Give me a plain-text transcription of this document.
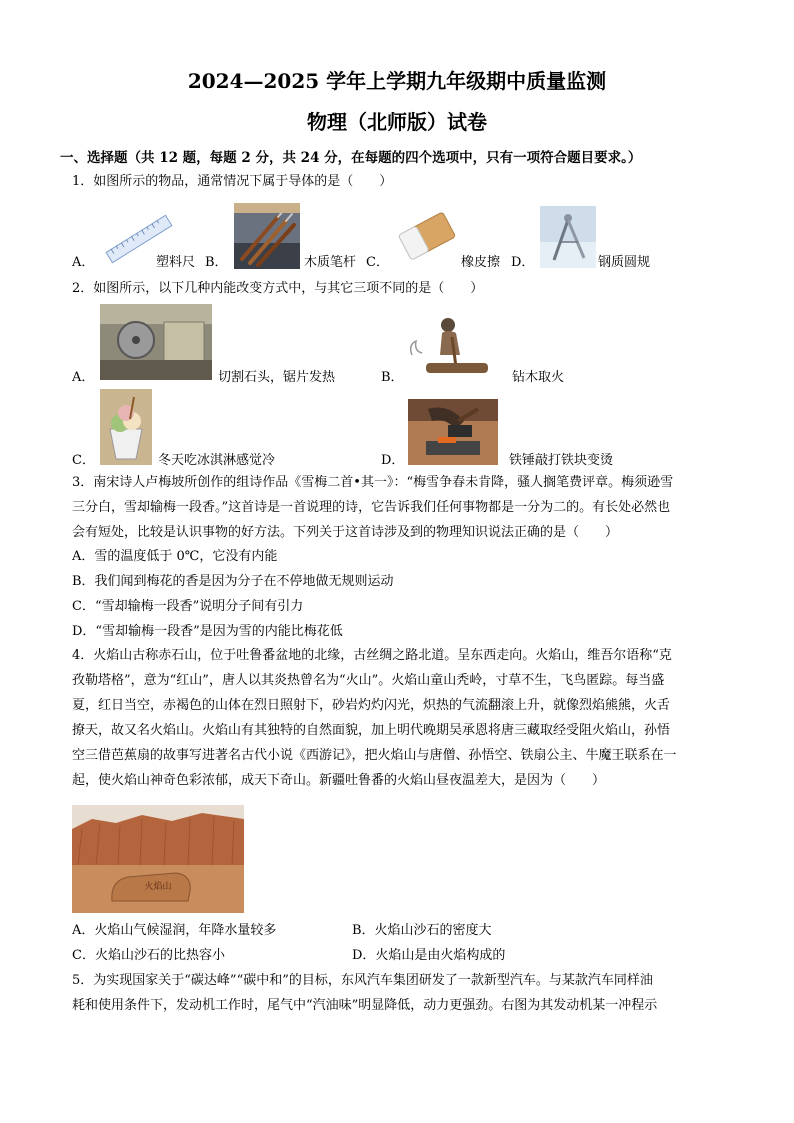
2024—2025 学年上学期九年级期中质量监测
物理（北师版）试卷
一、选择题（共 12 题，每题 2 分，共 24 分，在每题的四个选项中，只有一项符合题目要求。）
1．如图所示的物品，通常情况下属于导体的是（　　）
A．	塑料尺 B．	木质笔杆 C．	橡皮擦 D．	钢质圆规
2．如图所示，以下几种内能改变方式中，与其它三项不同的是（　　）
A．	切割石头，锯片发热	B．	钻木取火
C．	冬天吃冰淇淋感觉冷	D．	铁锤敲打铁块变烫
3．南宋诗人卢梅坡所创作的组诗作品《雪梅二首•其一》：“梅雪争春未肯降，骚人搁笔费评章。梅须逊雪
三分白，雪却输梅一段香。”这首诗是一首说理的诗，它告诉我们任何事物都是一分为二的。有长处必然也
会有短处，比较是认识事物的好方法。下列关于这首诗涉及到的物理知识说法正确的是（　　）
A．雪的温度低于 0℃，它没有内能
B．我们闻到梅花的香是因为分子在不停地做无规则运动
C．“雪却输梅一段香”说明分子间有引力
D．“雪却输梅一段香”是因为雪的内能比梅花低
4．火焰山古称赤石山，位于吐鲁番盆地的北缘，古丝绸之路北道。呈东西走向。火焰山，维吾尔语称“克
孜勒塔格”，意为“红山”，唐人以其炎热曾名为“火山”。火焰山童山秃岭，寸草不生，飞鸟匿踪。每当盛
夏，红日当空，赤褐色的山体在烈日照射下，砂岩灼灼闪光，炽热的气流翻滚上升，就像烈焰熊熊，火舌
撩天，故又名火焰山。火焰山有其独特的自然面貌，加上明代晚期吴承恩将唐三藏取经受阻火焰山，孙悟
空三借芭蕉扇的故事写进著名古代小说《西游记》，把火焰山与唐僧、孙悟空、铁扇公主、牛魔王联系在一
起，使火焰山神奇色彩浓郁，成天下奇山。新疆吐鲁番的火焰山昼夜温差大，是因为（　　）
火焰山
A．火焰山气候湿润，年降水量较多	B．火焰山沙石的密度大
C．火焰山沙石的比热容小	D．火焰山是由火焰构成的
5．为实现国家关于“碳达峰”“碳中和”的目标，东风汽车集团研发了一款新型汽车。与某款汽车同样油
耗和使用条件下，发动机工作时，尾气中“汽油味”明显降低，动力更强劲。右图为其发动机某一冲程示
